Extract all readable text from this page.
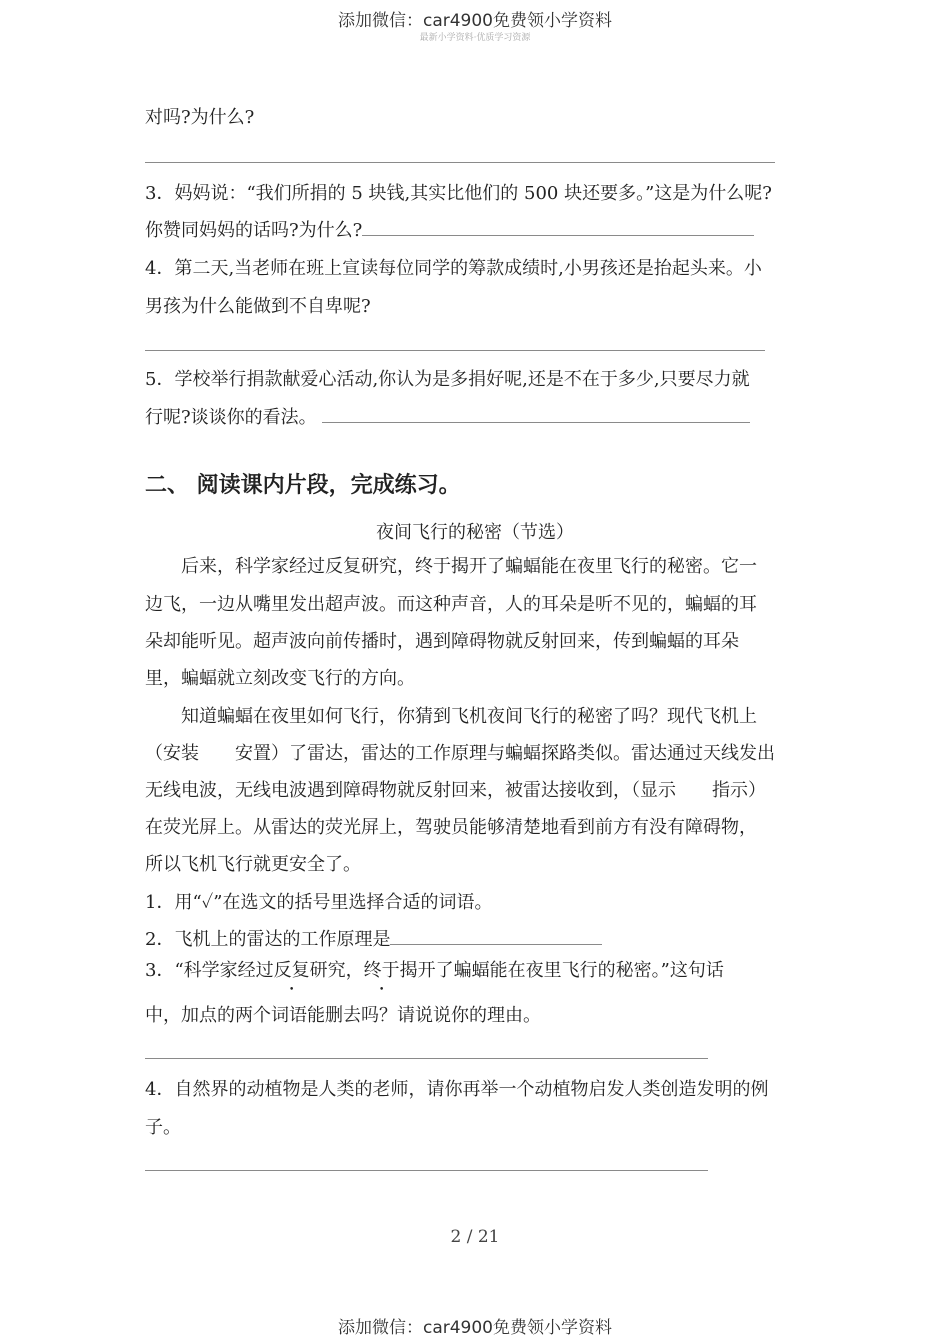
添加微信：car4900免费领小学资料
最新小学资料·优质学习资源
对吗?为什么?
3．妈妈说：“我们所捐的 5 块钱,其实比他们的 500 块还要多。”这是为什么呢?
你赞同妈妈的话吗?为什么?
4．第二天,当老师在班上宣读每位同学的筹款成绩时,小男孩还是抬起头来。小
男孩为什么能做到不自卑呢?
5．学校举行捐款献爱心活动,你认为是多捐好呢,还是不在于多少,只要尽力就
行呢?谈谈你的看法。
二、 阅读课内片段，完成练习。
夜间飞行的秘密（节选）
　　后来，科学家经过反复研究，终于揭开了蝙蝠能在夜里飞行的秘密。它一
边飞，一边从嘴里发出超声波。而这种声音，人的耳朵是听不见的，蝙蝠的耳
朵却能听见。超声波向前传播时，遇到障碍物就反射回来，传到蝙蝠的耳朵
里，蝙蝠就立刻改变飞行的方向。
　　知道蝙蝠在夜里如何飞行，你猜到飞机夜间飞行的秘密了吗？现代飞机上
（安装　　安置）了雷达，雷达的工作原理与蝙蝠探路类似。雷达通过天线发出
无线电波，无线电波遇到障碍物就反射回来，被雷达接收到，（显示　　指示）
在荧光屏上。从雷达的荧光屏上，驾驶员能够清楚地看到前方有没有障碍物，
所以飞机飞行就更安全了。
1．用“✓”在选文的括号里选择合适的词语。
2．飞机上的雷达的工作原理是
3．“科学家经过反复研究，终于揭开了蝙蝠能在夜里飞行的秘密。”这句话
中，加点的两个词语能删去吗？请说说你的理由。
4．自然界的动植物是人类的老师，请你再举一个动植物启发人类创造发明的例
子。
2 / 21
添加微信：car4900免费领小学资料
